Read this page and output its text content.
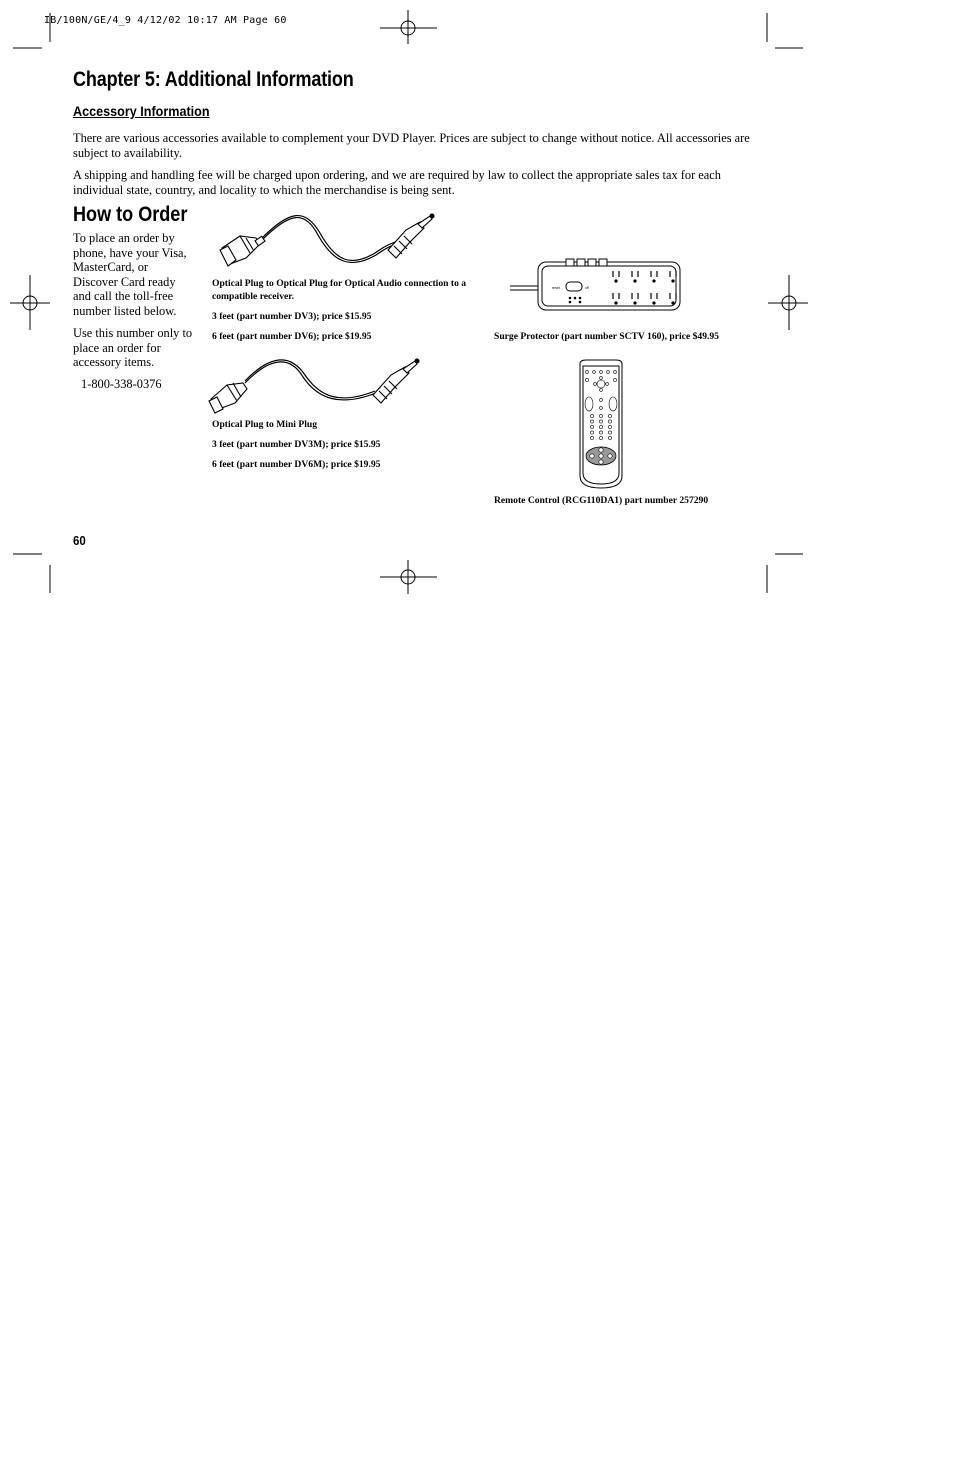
IB/100N/GE/4_9 4/12/02 10:17 AM Page 60
Chapter 5: Additional Information
Accessory Information

There are various accessories available to complement your DVD Player. Prices are subject to change without notice. All accessories are subject to availability.

A shipping and handling fee will be charged upon ordering, and we are required by law to collect the appropriate sales tax for each individual state, country, and locality to which the merchandise is being sent.

How to Order

To place an order by phone, have your Visa, MasterCard, or Discover Card ready and call the toll-free number listed below.

Use this number only to place an order for accessory items.

1-800-338-0376

Optical Plug to Optical Plug for Optical Audio connection to a compatible receiver.

3 feet (part number DV3); price $15.95

6 feet (part number DV6); price $19.95

Optical Plug to Mini Plug

3 feet (part number DV3M); price $15.95

6 feet (part number DV6M); price $19.95

reset	off

Surge Protector (part number SCTV 160), price $49.95

Remote Control (RCG110DA1) part number 257290

60
